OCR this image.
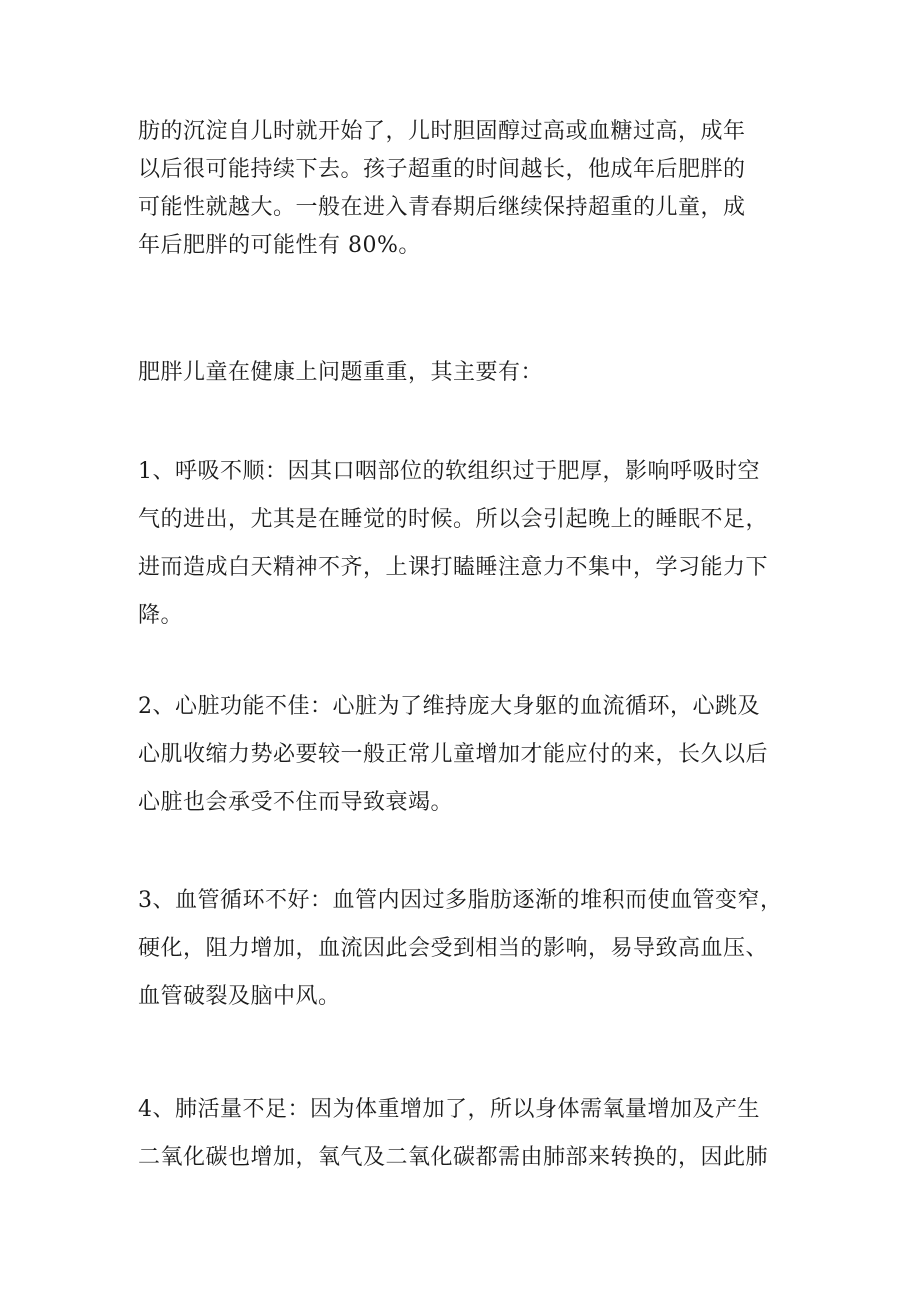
肪的沉淀自儿时就开始了，儿时胆固醇过高或血糖过高，成年
以后很可能持续下去。孩子超重的时间越长，他成年后肥胖的
可能性就越大。一般在进入青春期后继续保持超重的儿童，成
年后肥胖的可能性有 80%。

肥胖儿童在健康上问题重重，其主要有：

1、呼吸不顺：因其口咽部位的软组织过于肥厚，影响呼吸时空
气的进出，尤其是在睡觉的时候。所以会引起晚上的睡眠不足，
进而造成白天精神不齐，上课打瞌睡注意力不集中，学习能力下
降。

2、心脏功能不佳：心脏为了维持庞大身躯的血流循环，心跳及
心肌收缩力势必要较一般正常儿童增加才能应付的来，长久以后
心脏也会承受不住而导致衰竭。

3、血管循环不好：血管内因过多脂肪逐渐的堆积而使血管变窄，
硬化，阻力增加，血流因此会受到相当的影响，易导致高血压、
血管破裂及脑中风。

4、肺活量不足：因为体重增加了，所以身体需氧量增加及产生
二氧化碳也增加，氧气及二氧化碳都需由肺部来转换的，因此肺
